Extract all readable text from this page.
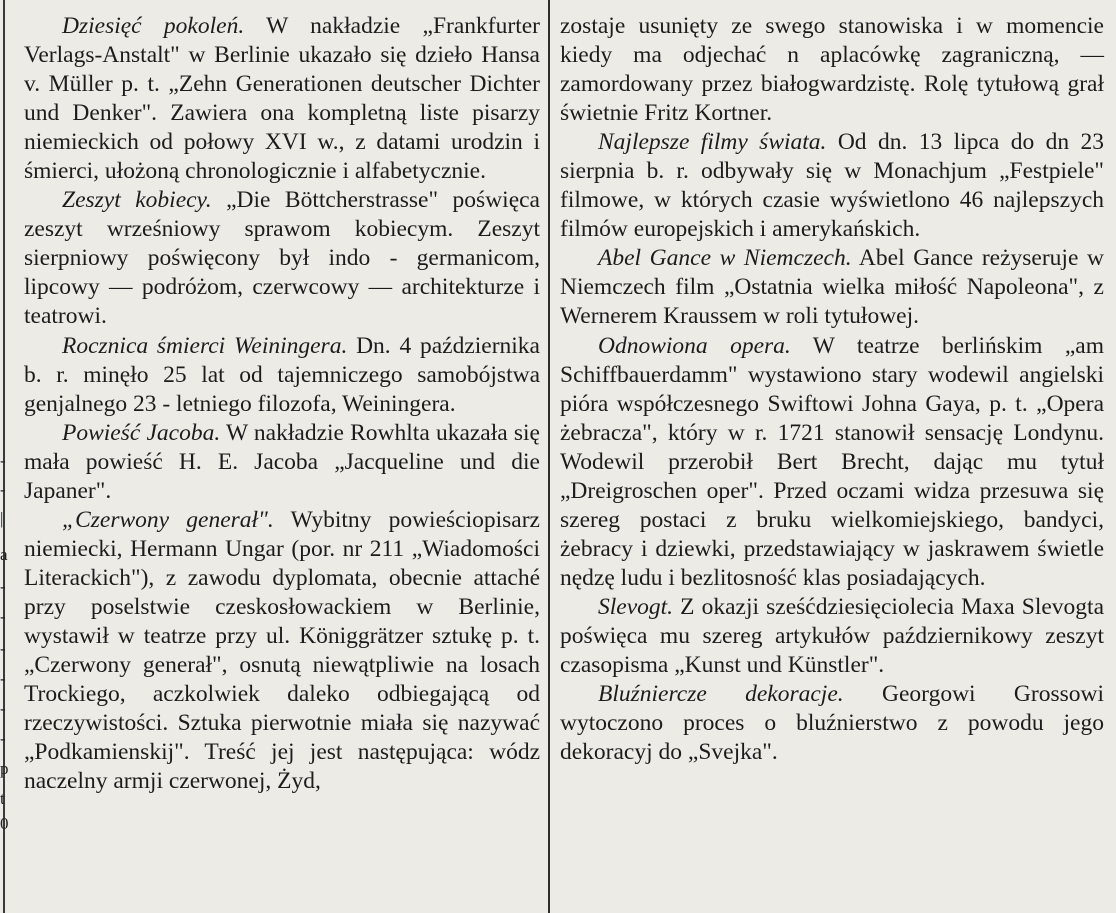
-
-
|
a
-
-
-
-
-
-
p
t
0

Dziesięć pokoleń. W nakładzie „Frankfurter Verlags-Anstalt" w Berlinie ukazało się dzieło Hansa v. Müller p. t. „Zehn Generationen deutscher Dichter und Denker". Zawiera ona kompletną liste pisarzy niemieckich od połowy XVI w., z datami urodzin i śmierci, ułożoną chronologicznie i alfabetycznie.

Zeszyt kobiecy. „Die Böttcherstrasse" poświęca zeszyt wrześniowy sprawom kobiecym. Zeszyt sierpniowy poświęcony był indo - germanicom, lipcowy — podróżom, czerwcowy — architekturze i teatrowi.

Rocznica śmierci Weiningera. Dn. 4 października b. r. minęło 25 lat od tajemniczego samobójstwa genjalnego 23 - letniego filozofa, Weiningera.

Powieść Jacoba. W nakładzie Rowhlta ukazała się mała powieść H. E. Jacoba „Jacqueline und die Japaner".

„Czerwony generał". Wybitny powieściopisarz niemiecki, Hermann Ungar (por. nr 211 „Wiadomości Literackich"), z zawodu dyplomata, obecnie attaché przy poselstwie czeskosłowackiem w Berlinie, wystawił w teatrze przy ul. Königgrätzer sztukę p. t. „Czerwony generał", osnutą niewątpliwie na losach Trockiego, aczkolwiek daleko odbiegającą od rzeczywistości. Sztuka pierwotnie miała się nazywać „Podkamienskij". Treść jej jest następująca: wódz naczelny armji czerwonej, Żyd,

zostaje usunięty ze swego stanowiska i w momencie kiedy ma odjechać n aplacówkę zagraniczną, — zamordowany przez białogwardzistę. Rolę tytułową grał świetnie Fritz Kortner.

Najlepsze filmy świata. Od dn. 13 lipca do dn 23 sierpnia b. r. odbywały się w Monachjum „Festpiele" filmowe, w których czasie wyświetlono 46 najlepszych filmów europejskich i amerykańskich.

Abel Gance w Niemczech. Abel Gance reżyseruje w Niemczech film „Ostatnia wielka miłość Napoleona", z Wernerem Kraussem w roli tytułowej.

Odnowiona opera. W teatrze berlińskim „am Schiffbauerdamm" wystawiono stary wodewil angielski pióra współczesnego Swiftowi Johna Gaya, p. t. „Opera żebracza", który w r. 1721 stanowił sensację Londynu. Wodewil przerobił Bert Brecht, dając mu tytuł „Dreigroschen oper". Przed oczami widza przesuwa się szereg postaci z bruku wielkomiejskiego, bandyci, żebracy i dziewki, przedstawiający w jaskrawem świetle nędzę ludu i bezlitosność klas posiadających.

Slevogt. Z okazji sześćdziesięciolecia Maxa Slevogta poświęca mu szereg artykułów październikowy zeszyt czasopisma „Kunst und Künstler".

Bluźniercze dekoracje. Georgowi Grossowi wytoczono proces o bluźnierstwo z powodu jego dekoracyj do „Svejka".
